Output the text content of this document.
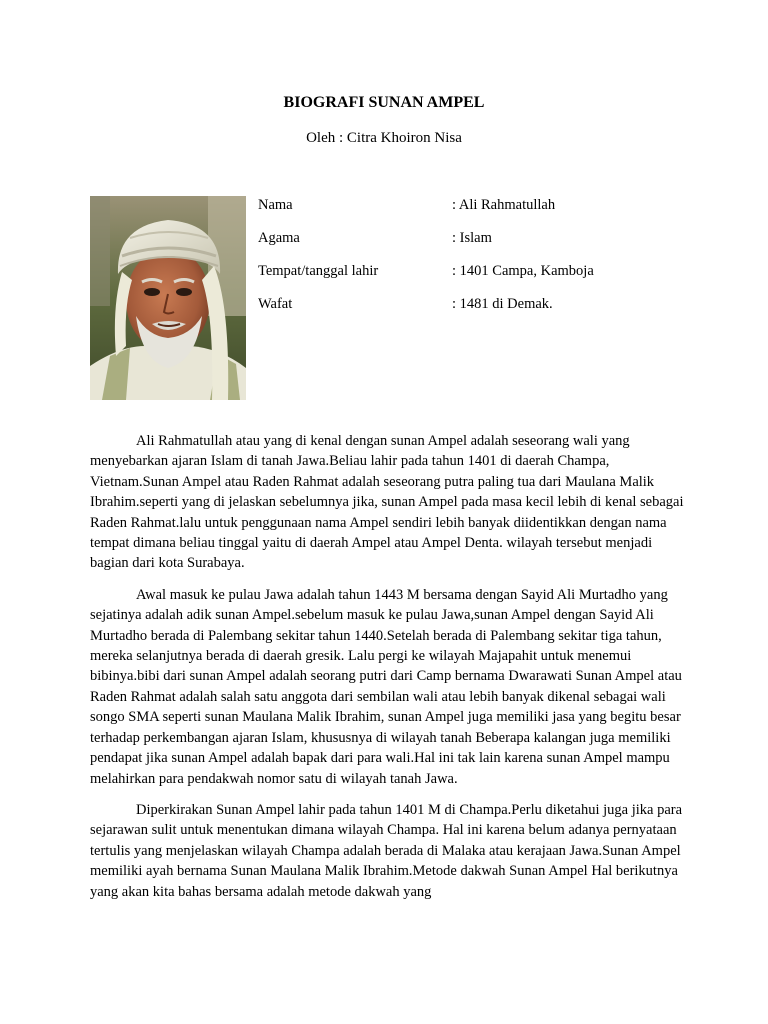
BIOGRAFI SUNAN AMPEL
Oleh : Citra Khoiron Nisa
Nama	: Ali Rahmatullah
Agama	: Islam
Tempat/tanggal lahir	: 1401 Campa, Kamboja
Wafat	: 1481 di Demak.

Ali Rahmatullah atau yang di kenal dengan sunan Ampel adalah seseorang wali yang menyebarkan ajaran Islam di tanah Jawa.Beliau lahir pada tahun 1401 di daerah Champa, Vietnam.Sunan Ampel atau Raden Rahmat adalah seseorang putra paling tua dari Maulana Malik Ibrahim.seperti yang di jelaskan sebelumnya jika, sunan Ampel pada masa kecil lebih di kenal sebagai Raden Rahmat.lalu untuk penggunaan nama Ampel sendiri lebih banyak diidentikkan dengan nama tempat dimana beliau tinggal yaitu di daerah Ampel atau Ampel Denta. wilayah tersebut menjadi bagian dari kota Surabaya.

Awal masuk ke pulau Jawa adalah tahun 1443 M bersama dengan Sayid Ali Murtadho yang sejatinya adalah adik sunan Ampel.sebelum masuk ke pulau Jawa,sunan Ampel dengan Sayid Ali Murtadho berada di Palembang sekitar tahun 1440.Setelah berada di Palembang sekitar tiga tahun, mereka selanjutnya berada di daerah gresik. Lalu pergi ke wilayah Majapahit untuk menemui bibinya.bibi dari sunan Ampel adalah seorang putri dari Camp bernama Dwarawati Sunan Ampel atau Raden Rahmat adalah salah satu anggota dari sembilan wali atau lebih banyak dikenal sebagai wali songo SMA seperti sunan Maulana Malik Ibrahim, sunan Ampel juga memiliki jasa yang begitu besar terhadap perkembangan ajaran Islam, khususnya di wilayah tanah Beberapa kalangan juga memiliki pendapat jika sunan Ampel adalah bapak dari para wali.Hal ini tak lain karena sunan Ampel mampu melahirkan para pendakwah nomor satu di wilayah tanah Jawa.

Diperkirakan Sunan Ampel lahir pada tahun 1401 M di Champa.Perlu diketahui juga jika para sejarawan sulit untuk menentukan dimana wilayah Champa. Hal ini karena belum adanya pernyataan tertulis yang menjelaskan wilayah Champa adalah berada di Malaka atau kerajaan Jawa.Sunan Ampel memiliki ayah bernama Sunan Maulana Malik Ibrahim.Metode dakwah Sunan Ampel Hal berikutnya yang akan kita bahas bersama adalah metode dakwah yang
